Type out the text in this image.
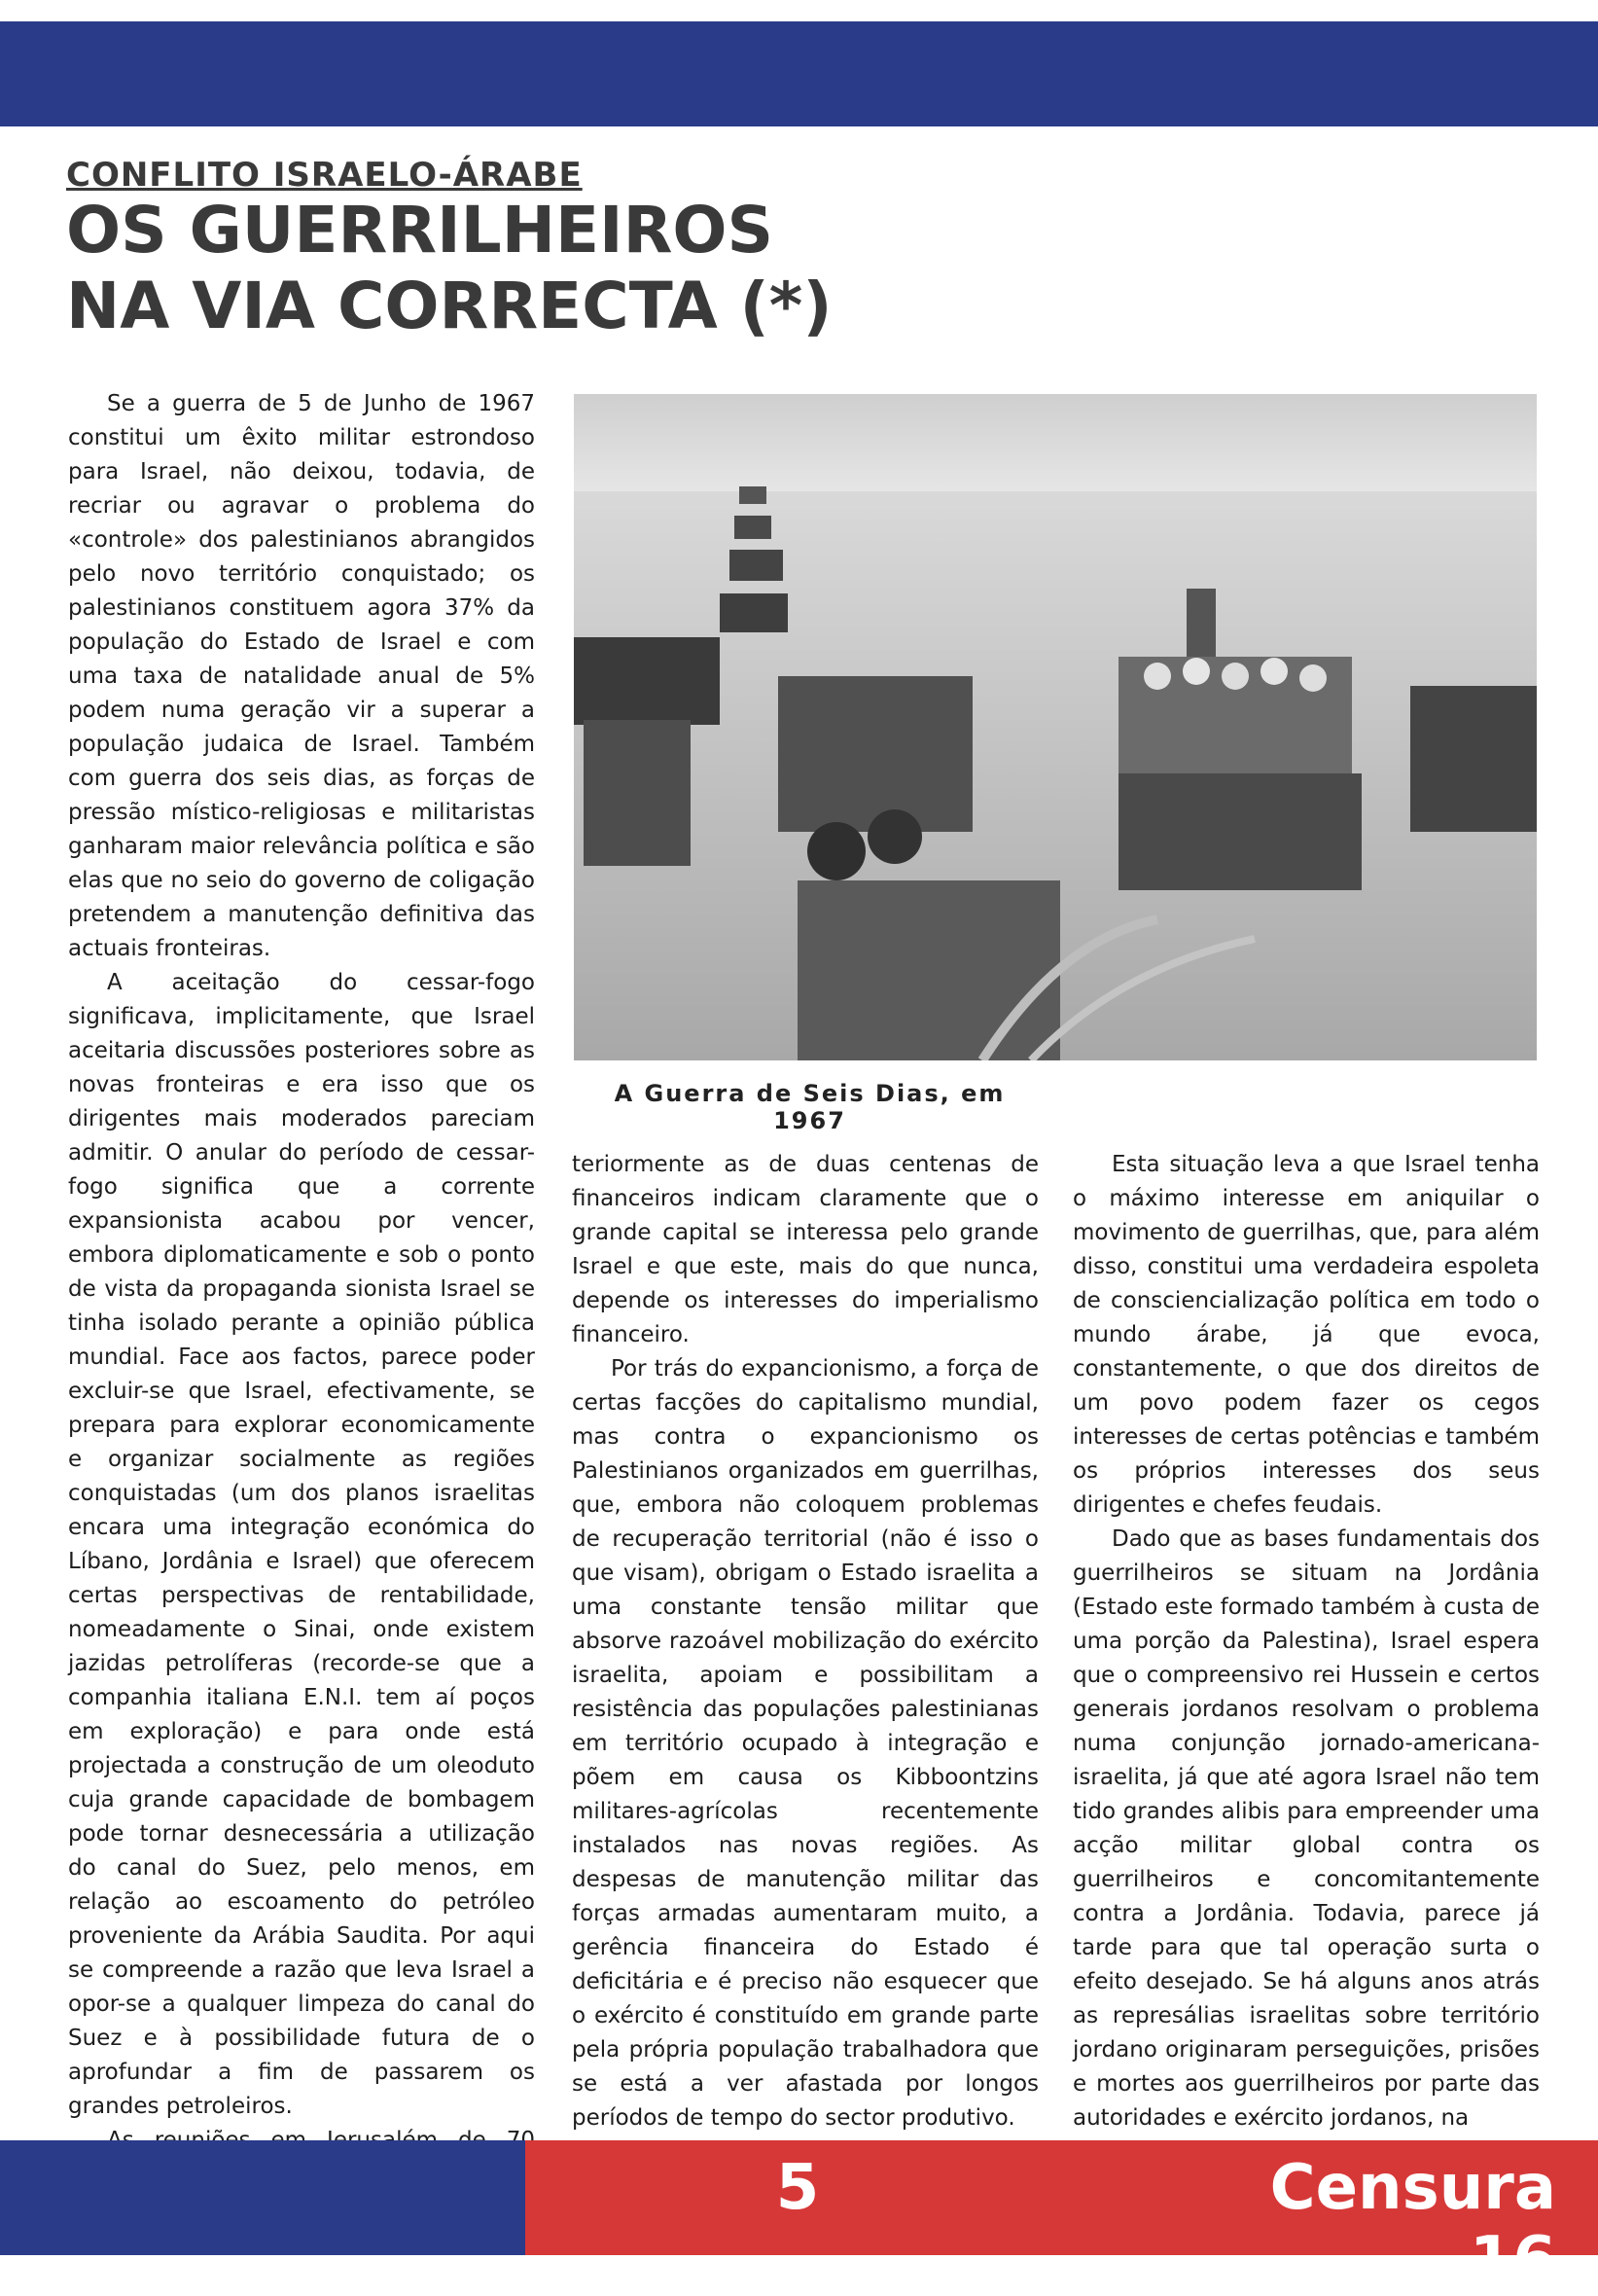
CONFLITO ISRAELO-ÁRABE
OS GUERRILHEIROS
NA VIA CORRECTA (*)

Se a guerra de 5 de Junho de 1967 constitui um êxito militar estrondoso para Israel, não deixou, todavia, de recriar ou agravar o problema do «controle» dos palestinianos abrangidos pelo novo território conquistado; os palestinianos constituem agora 37% da população do Estado de Israel e com uma taxa de natalidade anual de 5% podem numa geração vir a superar a população judaica de Israel. Também com guerra dos seis dias, as forças de pressão místico-religiosas e militaristas ganharam maior relevância política e são elas que no seio do governo de coligação pretendem a manutenção definitiva das actuais fronteiras.

A aceitação do cessar-fogo significava, implicitamente, que Israel aceitaria discussões posteriores sobre as novas fronteiras e era isso que os dirigentes mais moderados pareciam admitir. O anular do período de cessar-fogo significa que a corrente expansionista acabou por vencer, embora diplomaticamente e sob o ponto de vista da propaganda sionista Israel se tinha isolado perante a opinião pública mundial. Face aos factos, parece poder excluir-se que Israel, efectivamente, se prepara para explorar economicamente e organizar socialmente as regiões conquistadas (um dos planos israelitas encara uma integração económica do Líbano, Jordânia e Israel) que oferecem certas perspectivas de rentabilidade, nomeadamente o Sinai, onde existem jazidas petrolíferas (recorde-se que a companhia italiana E.N.I. tem aí poços em exploração) e para onde está projectada a construção de um oleoduto cuja grande capacidade de bombagem pode tornar desnecessária a utilização do canal do Suez, pelo menos, em relação ao escoamento do petróleo proveniente da Arábia Saudita. Por aqui se compreende a razão que leva Israel a opor-se a qualquer limpeza do canal do Suez e à possibilidade futura de o aprofundar a fim de passarem os grandes petroleiros.

A Guerra de Seis Dias, em 1967

teriormente as de duas centenas de financeiros indicam claramente que o grande capital se interessa pelo grande Israel e que este, mais do que nunca, depende os interesses do imperialismo financeiro.

Por trás do expancionismo, a força de certas facções do capitalismo mundial, mas contra o expancionismo os Palestinianos organizados em guerrilhas, que, embora não coloquem problemas de recuperação territorial (não é isso o que visam), obrigam o Estado israelita a uma constante tensão militar que absorve razoável mobilização do exército israelita, apoiam e possibilitam a resistência das populações palestinianas em território ocupado à integração e põem em causa os Kibboontzins militares-agrícolas recentemente instalados nas novas regiões. As despesas de manutenção militar das forças armadas aumentaram muito, a gerência financeira do Estado é deficitária e é preciso não esquecer que o exército é constituído em grande parte pela própria população trabalhadora que se está a ver afastada por longos períodos de tempo do sector produtivo.

Esta situação leva a que Israel tenha o máximo interesse em aniquilar o movimento de guerrilhas, que, para além disso, constitui uma verdadeira espoleta de consciencialização política em todo o mundo árabe, já que evoca, constantemente, o que dos direitos de um povo podem fazer os cegos interesses de certas potências e também os próprios interesses dos seus dirigentes e chefes feudais.

Dado que as bases fundamentais dos guerrilheiros se situam na Jordânia (Estado este formado também à custa de uma porção da Palestina), Israel espera que o compreensivo rei Hussein e certos generais jordanos resolvam o problema numa conjunção jornado-americana-israelita, já que até agora Israel não tem tido grandes alibis para empreender uma acção militar global contra os guerrilheiros e concomitantemente contra a Jordânia. Todavia, parece já tarde para que tal operação surta o efeito desejado. Se há alguns anos atrás as represálias israelitas sobre território jordano originaram perseguições, prisões e mortes aos guerrilheiros por parte das autoridades e exército jordanos, na

5	Censura 16
